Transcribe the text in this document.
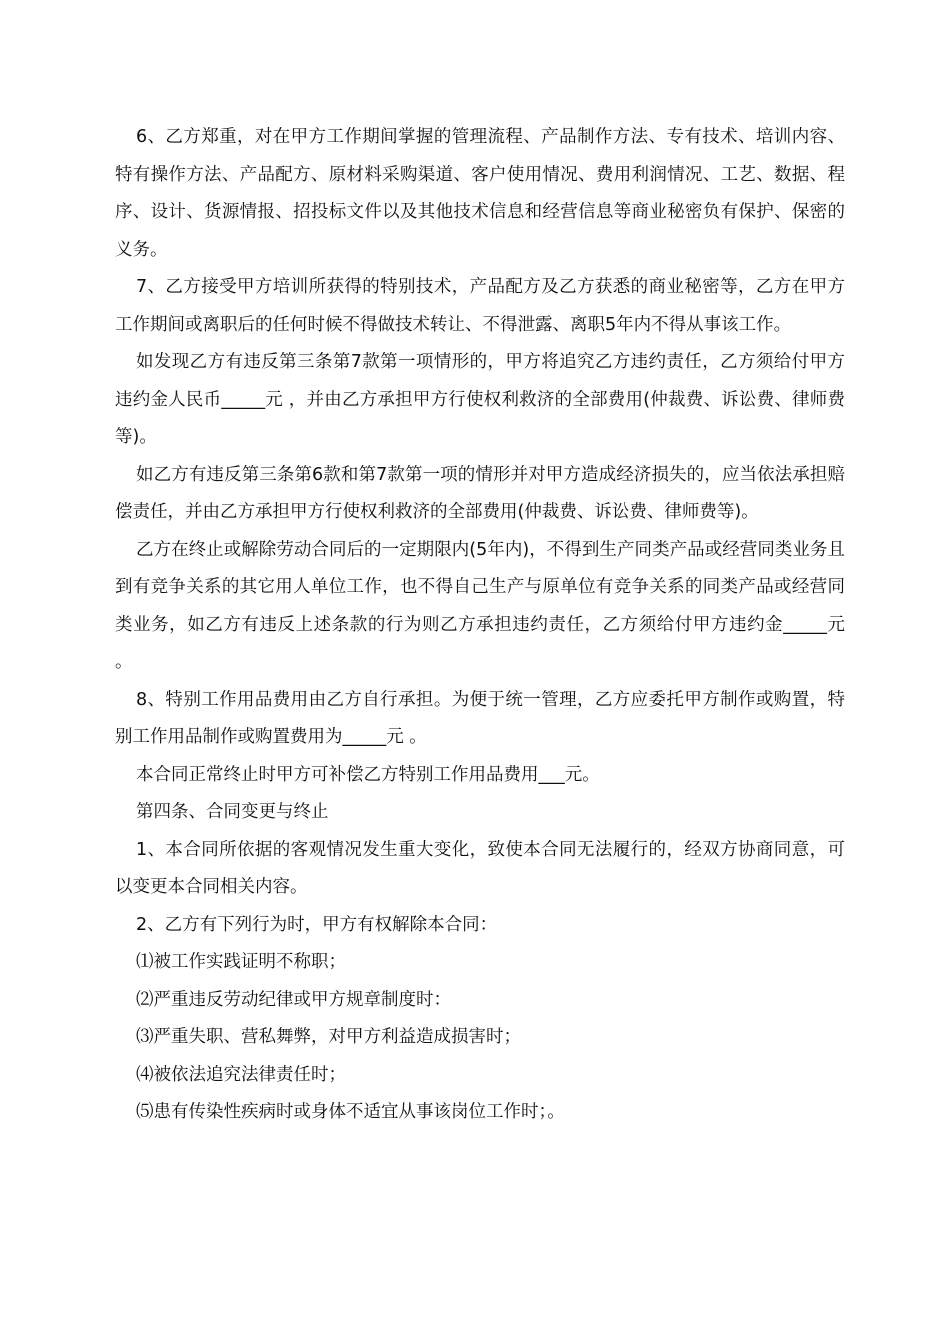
6、乙方郑重，对在甲方工作期间掌握的管理流程、产品制作方法、专有技术、培训内容、特有操作方法、产品配方、原材料采购渠道、客户使用情况、费用利润情况、工艺、数据、程序、设计、货源情报、招投标文件以及其他技术信息和经营信息等商业秘密负有保护、保密的义务。

7、乙方接受甲方培训所获得的特别技术，产品配方及乙方获悉的商业秘密等，乙方在甲方工作期间或离职后的任何时候不得做技术转让、不得泄露、离职5年内不得从事该工作。

如发现乙方有违反第三条第7款第一项情形的，甲方将追究乙方违约责任，乙方须给付甲方违约金人民币_____元 ，并由乙方承担甲方行使权利救济的全部费用(仲裁费、诉讼费、律师费等)。

如乙方有违反第三条第6款和第7款第一项的情形并对甲方造成经济损失的，应当依法承担赔偿责任，并由乙方承担甲方行使权利救济的全部费用(仲裁费、诉讼费、律师费等)。

乙方在终止或解除劳动合同后的一定期限内(5年内)，不得到生产同类产品或经营同类业务且到有竞争关系的其它用人单位工作，也不得自己生产与原单位有竞争关系的同类产品或经营同类业务，如乙方有违反上述条款的行为则乙方承担违约责任，乙方须给付甲方违约金_____元 。

8、特别工作用品费用由乙方自行承担。为便于统一管理，乙方应委托甲方制作或购置，特别工作用品制作或购置费用为_____元 。

本合同正常终止时甲方可补偿乙方特别工作用品费用___元。

第四条、合同变更与终止

1、本合同所依据的客观情况发生重大变化，致使本合同无法履行的，经双方协商同意，可以变更本合同相关内容。

2、乙方有下列行为时，甲方有权解除本合同：

⑴被工作实践证明不称职；

⑵严重违反劳动纪律或甲方规章制度时：

⑶严重失职、营私舞弊，对甲方利益造成损害时；

⑷被依法追究法律责任时；

⑸患有传染性疾病时或身体不适宜从事该岗位工作时；。
